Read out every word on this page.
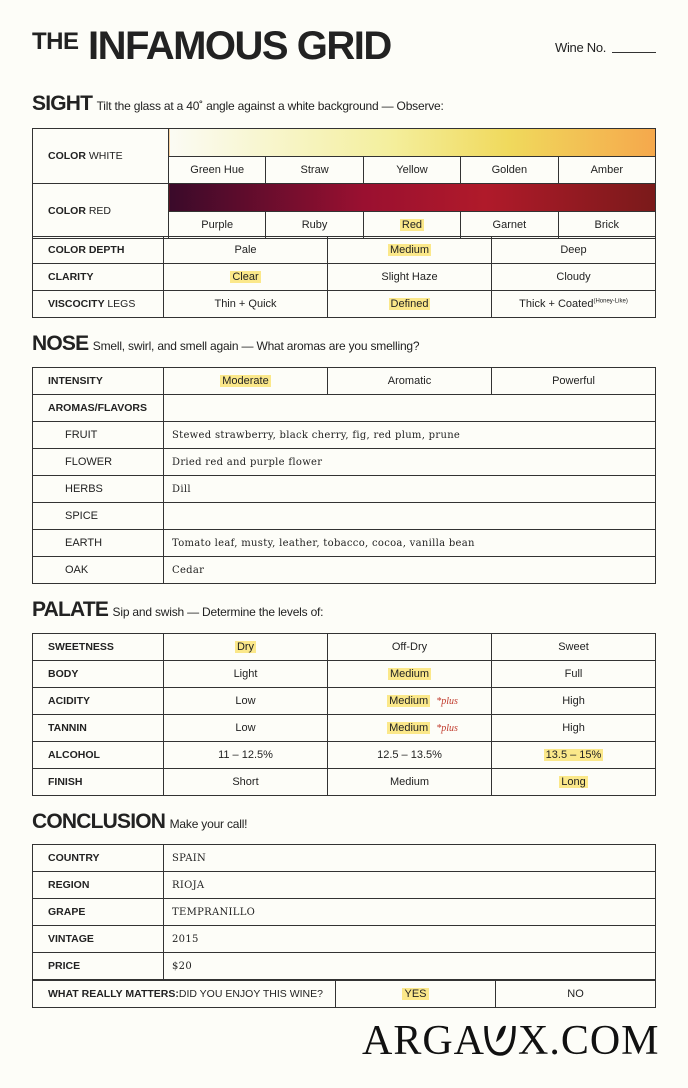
THE INFAMOUS GRID	Wine No.
SIGHT Tilt the glass at a 40˚ angle against a white background — Observe:
COLOR WHITE					
	Green Hue	Straw	Yellow	Golden	Amber
COLOR RED					
	Purple	Ruby	Red	Garnet	Brick
COLOR DEPTH	Pale	Medium	Deep
CLARITY	Clear	Slight Haze	Cloudy
VISCOCITY LEGS	Thin + Quick	Defined	Thick + Coated$^{(Honey-Like)}$
NOSE Smell, swirl, and smell again — What aromas are you smelling?
INTENSITY	Moderate	Aromatic	Powerful
AROMAS/FLAVORS			
FRUIT	Stewed strawberry, black cherry, fig, red plum, prune		
FLOWER	Dried red and purple flower		
HERBS	Dill		
SPICE			
EARTH	Tomato leaf, musty, leather, tobacco, cocoa, vanilla bean		
OAK	Cedar		
PALATE Sip and swish — Determine the levels of:
SWEETNESS	Dry	Off-Dry	Sweet
BODY	Light	Medium	Full
ACIDITY	Low	Medium *plus	High
TANNIN	Low	Medium *plus	High
ALCOHOL	11 – 12.5%	12.5 – 13.5%	13.5 – 15%
FINISH	Short	Medium	Long
CONCLUSION Make your call!
COUNTRY	SPAIN
REGION	RIOJA
GRAPE	TEMPRANILLO
VINTAGE	2015
PRICE	$20
WHAT REALLY MATTERS:DID YOU ENJOY THIS WINE?	YES	NO
ARGA X.COM
